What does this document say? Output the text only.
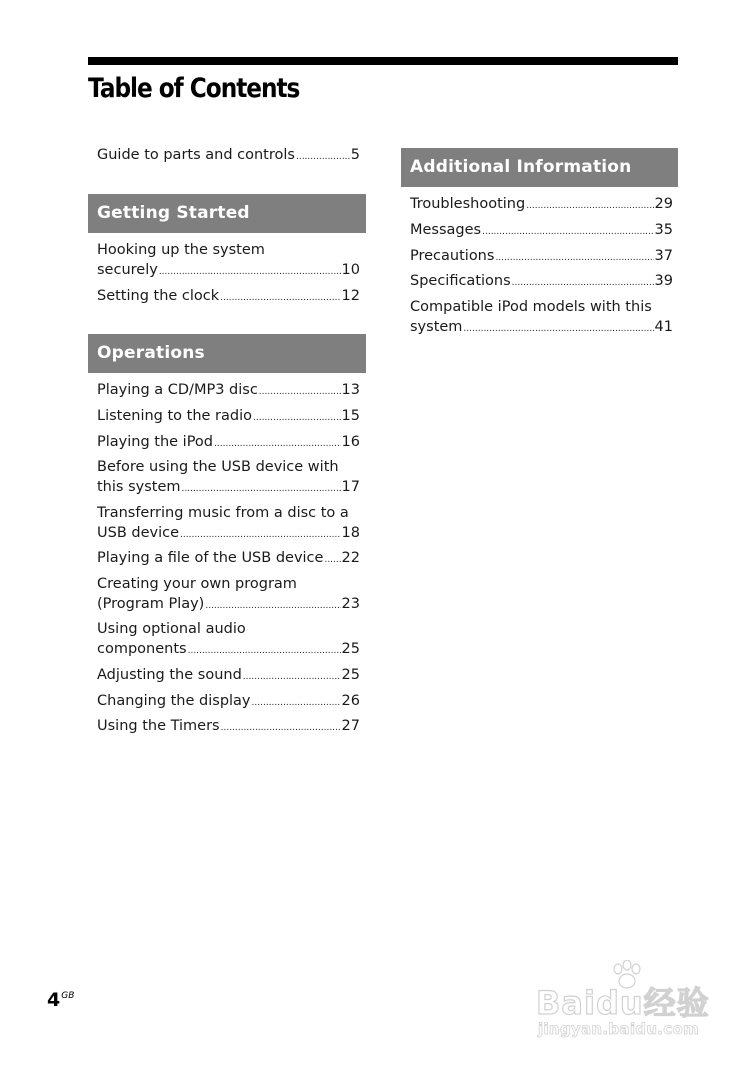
Table of Contents
Guide to parts and controls .....	5
Hooking up the system
securely .....	10
Setting the clock .....	12
Playing a CD/MP3 disc .....	13
Listening to the radio .....	15
Playing the iPod .....	16
Before using the USB device with
this system .....	17
Transferring music from a disc to a
USB device .....	18
Playing a file of the USB device ..... 22
Creating your own program
(Program Play) .....	23
Using optional audio
components .....	25
Adjusting the sound .....	25
Changing the display .....	26
Using the Timers .....	27
Getting Started
Operations
Additional Information
Troubleshooting .....	29
Messages .....	35
Precautions .....	37
Specifications .....	39
Compatible iPod models with this
system .....	41
$4^{GB}$	Baidu经验
jingyan.baidu.com
